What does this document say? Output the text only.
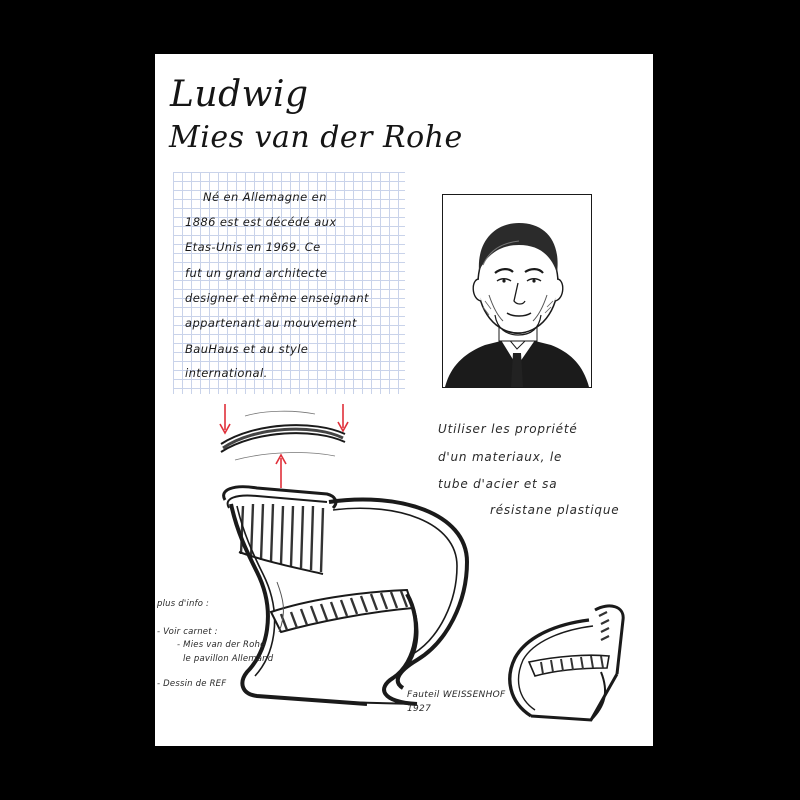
Ludwig
Mies van der Rohe
Né en Allemagne en
1886 est est décédé aux
Etas-Unis en 1969. Ce
fut un grand architecte
designer et même enseignant
appartenant au mouvement
BauHaus et au style
international.
Utiliser les propriété
d'un materiaux, le
tube d'acier et sa
résistane plastique
plus d'info :
- Voir carnet :
- Mies van der Rohe
le pavillon Allemand
- Dessin de REF
Fauteil WEISSENHOF
1927
